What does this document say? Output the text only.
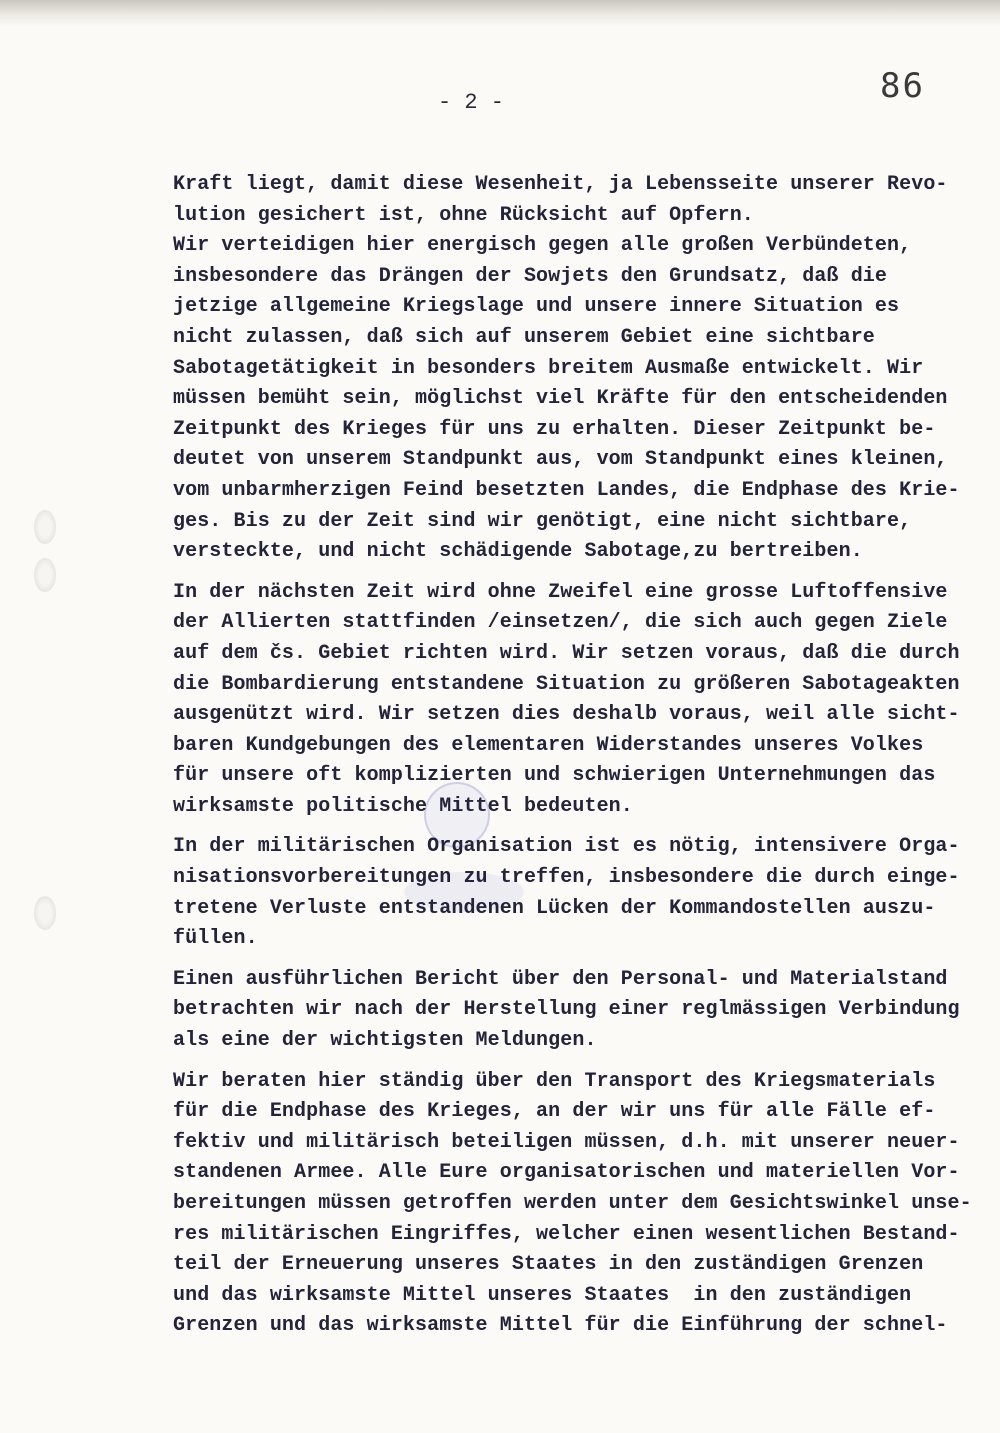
86
- 2 -

Kraft liegt, damit diese Wesenheit, ja Lebensseite unserer Revo-
lution gesichert ist, ohne Rücksicht auf Opfern.
Wir verteidigen hier energisch gegen alle großen Verbündeten,
insbesondere das Drängen der Sowjets den Grundsatz, daß die
jetzige allgemeine Kriegslage und unsere innere Situation es
nicht zulassen, daß sich auf unserem Gebiet eine sichtbare
Sabotagetätigkeit in besonders breitem Ausmaße entwickelt. Wir
müssen bemüht sein, möglichst viel Kräfte für den entscheidenden
Zeitpunkt des Krieges für uns zu erhalten. Dieser Zeitpunkt be-
deutet von unserem Standpunkt aus, vom Standpunkt eines kleinen,
vom unbarmherzigen Feind besetzten Landes, die Endphase des Krie-
ges. Bis zu der Zeit sind wir genötigt, eine nicht sichtbare,
versteckte, und nicht schädigende Sabotage,zu bertreiben.

In der nächsten Zeit wird ohne Zweifel eine grosse Luftoffensive
der Allierten stattfinden /einsetzen/, die sich auch gegen Ziele
auf dem čs. Gebiet richten wird. Wir setzen voraus, daß die durch
die Bombardierung entstandene Situation zu größeren Sabotageakten
ausgenützt wird. Wir setzen dies deshalb voraus, weil alle sicht-
baren Kundgebungen des elementaren Widerstandes unseres Volkes
für unsere oft komplizierten und schwierigen Unternehmungen das
wirksamste politische Mittel bedeuten.

In der militärischen Organisation ist es nötig, intensivere Orga-
nisationsvorbereitungen zu treffen, insbesondere die durch einge-
tretene Verluste entstandenen Lücken der Kommandostellen auszu-
füllen.

Einen ausführlichen Bericht über den Personal- und Materialstand
betrachten wir nach der Herstellung einer reglmässigen Verbindung
als eine der wichtigsten Meldungen.

Wir beraten hier ständig über den Transport des Kriegsmaterials
für die Endphase des Krieges, an der wir uns für alle Fälle ef-
fektiv und militärisch beteiligen müssen, d.h. mit unserer neuer-
standenen Armee. Alle Eure organisatorischen und materiellen Vor-
bereitungen müssen getroffen werden unter dem Gesichtswinkel unse-
res militärischen Eingriffes, welcher einen wesentlichen Bestand-
teil der Erneuerung unseres Staates in den zuständigen Grenzen
und das wirksamste Mittel unseres Staates  in den zuständigen
Grenzen und das wirksamste Mittel für die Einführung der schnel-
